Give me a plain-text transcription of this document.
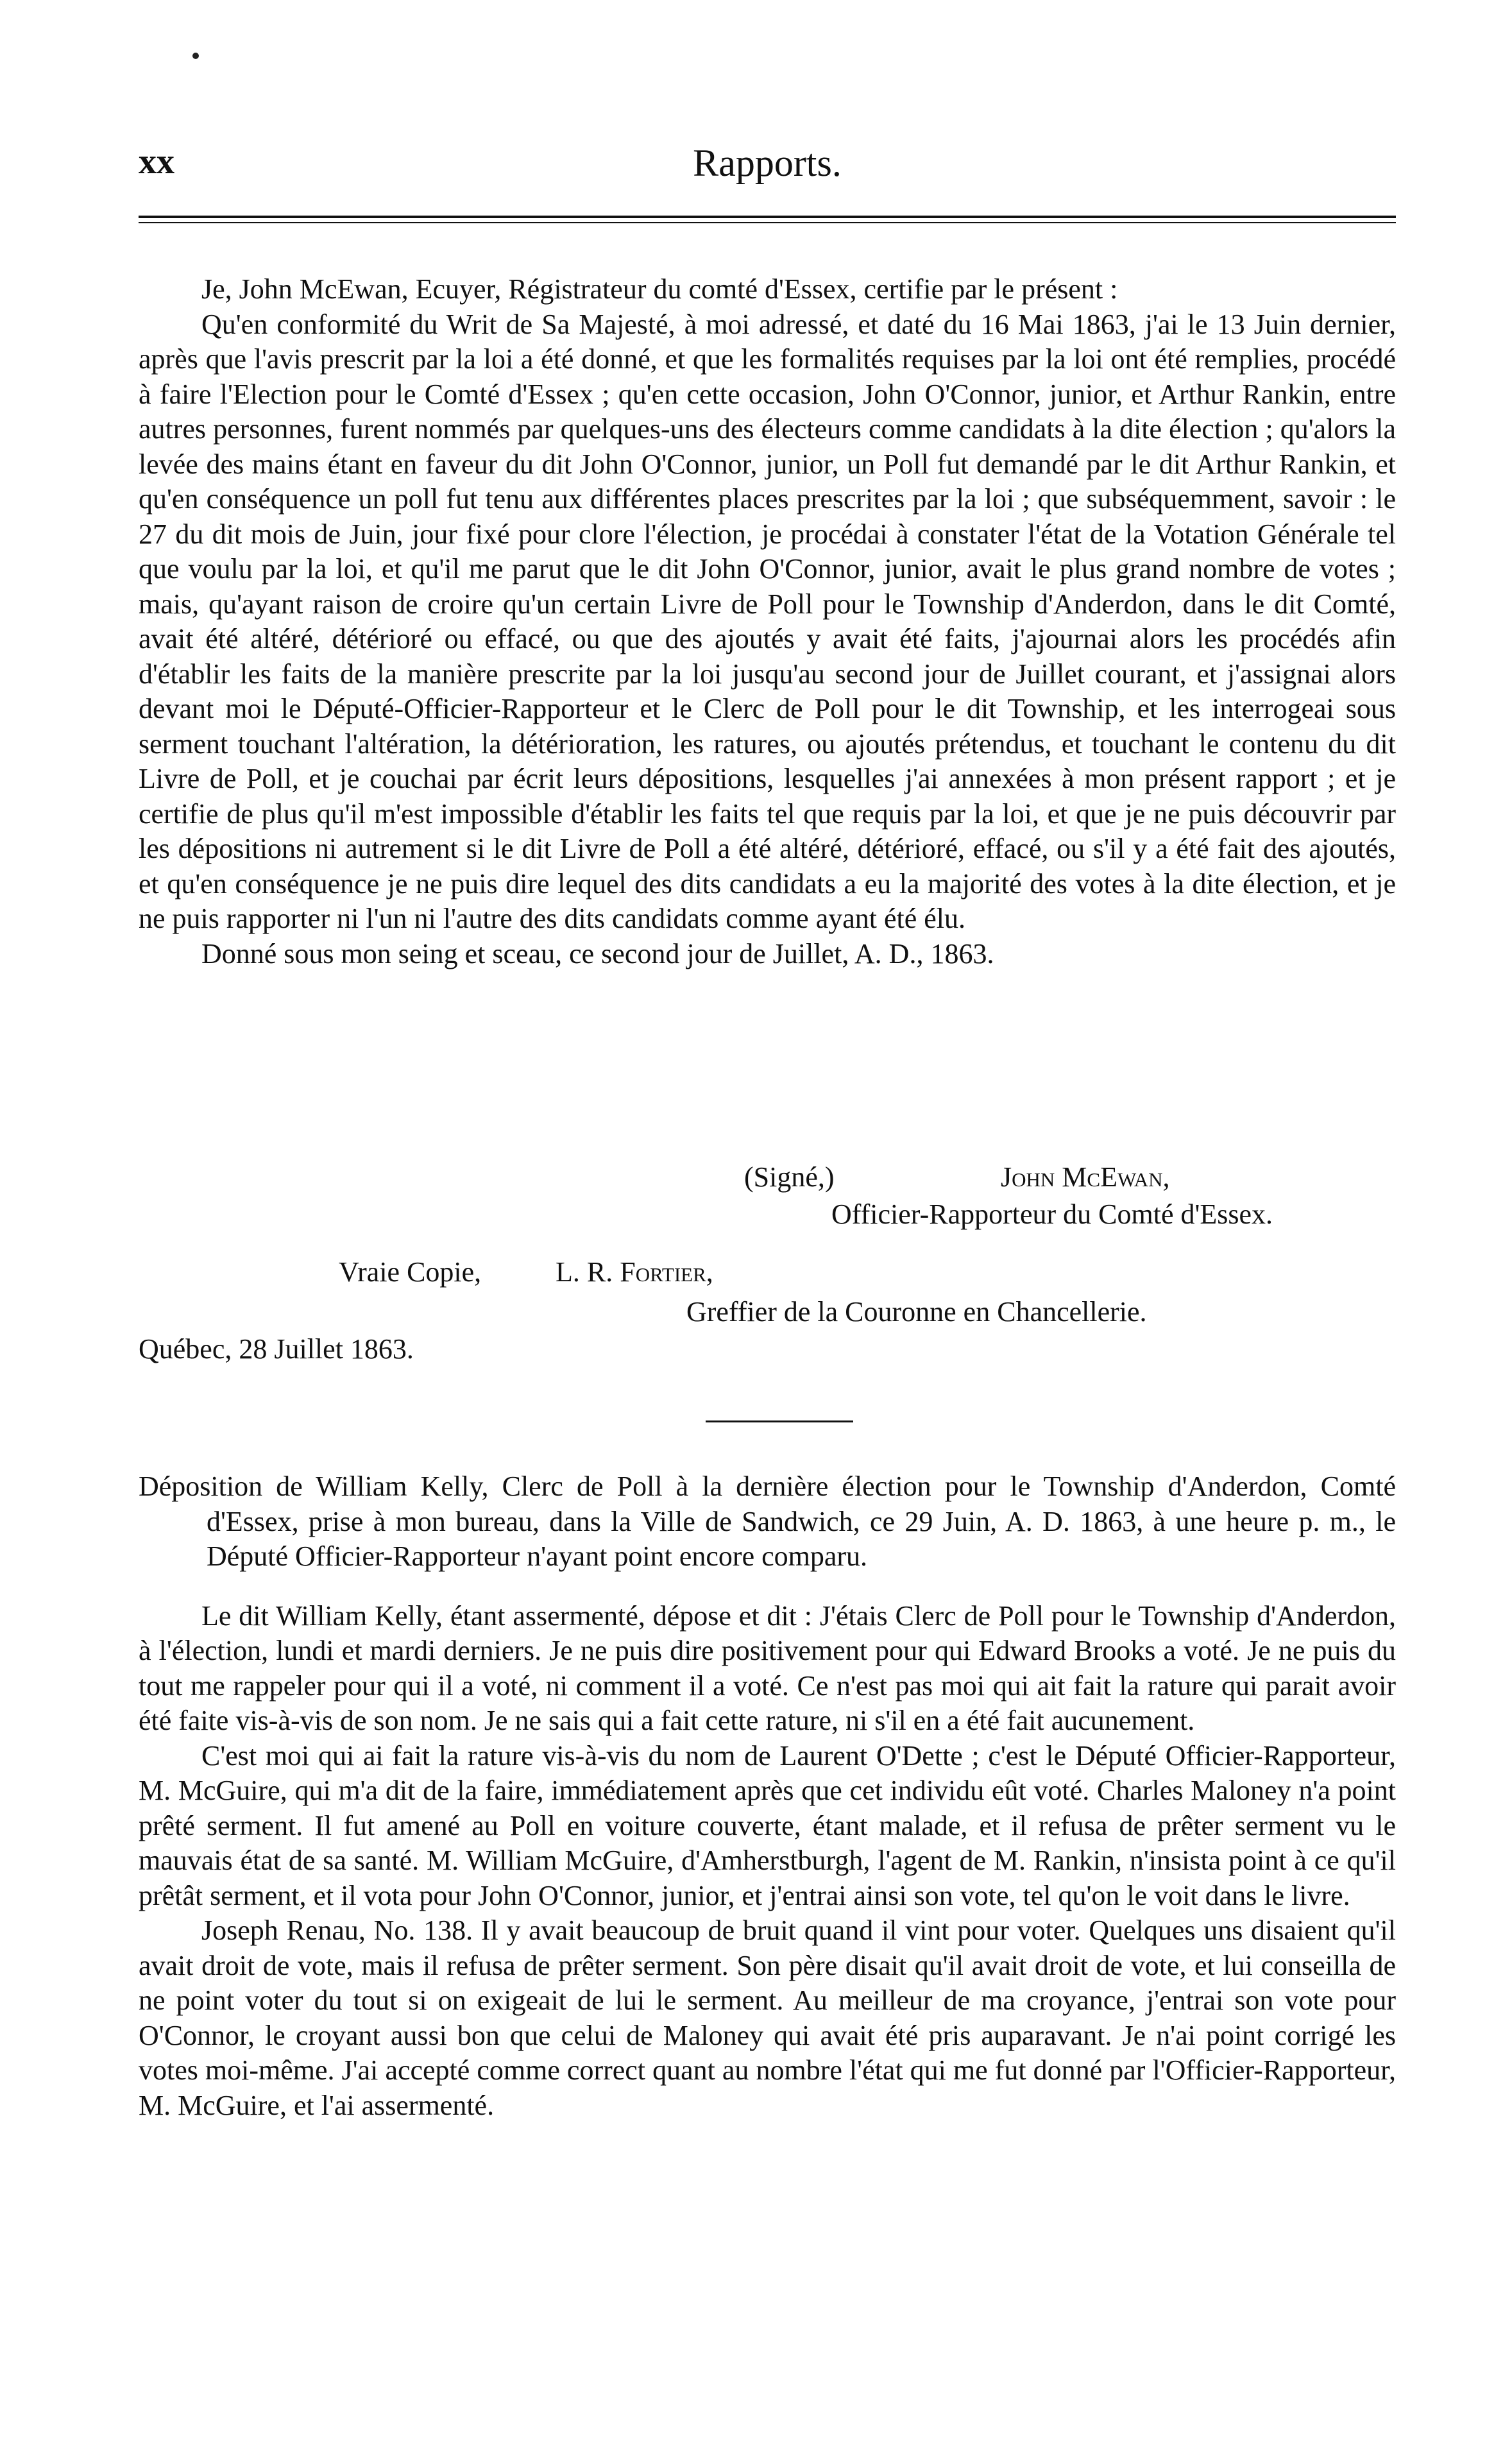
xx	Rapports.

Je, John McEwan, Ecuyer, Régistrateur du comté d'Essex, certifie par le présent :

Qu'en conformité du Writ de Sa Majesté, à moi adressé, et daté du 16 Mai 1863, j'ai le 13 Juin dernier, après que l'avis prescrit par la loi a été donné, et que les formalités requises par la loi ont été remplies, procédé à faire l'Election pour le Comté d'Essex ; qu'en cette occasion, John O'Connor, junior, et Arthur Rankin, entre autres personnes, furent nommés par quelques-uns des électeurs comme candidats à la dite élection ; qu'alors la levée des mains étant en faveur du dit John O'Connor, junior, un Poll fut demandé par le dit Arthur Rankin, et qu'en conséquence un poll fut tenu aux différentes places prescrites par la loi ; que subséquemment, savoir : le 27 du dit mois de Juin, jour fixé pour clore l'élection, je procédai à constater l'état de la Votation Générale tel que voulu par la loi, et qu'il me parut que le dit John O'Connor, junior, avait le plus grand nombre de votes ; mais, qu'ayant raison de croire qu'un certain Livre de Poll pour le Township d'Anderdon, dans le dit Comté, avait été altéré, détérioré ou effacé, ou que des ajoutés y avait été faits, j'ajournai alors les procédés afin d'établir les faits de la manière prescrite par la loi jusqu'au second jour de Juillet courant, et j'assignai alors devant moi le Député-Officier-Rapporteur et le Clerc de Poll pour le dit Township, et les interrogeai sous serment touchant l'altération, la détérioration, les ratures, ou ajoutés prétendus, et touchant le contenu du dit Livre de Poll, et je couchai par écrit leurs dépositions, lesquelles j'ai annexées à mon présent rapport ; et je certifie de plus qu'il m'est impossible d'établir les faits tel que requis par la loi, et que je ne puis découvrir par les dépositions ni autrement si le dit Livre de Poll a été altéré, détérioré, effacé, ou s'il y a été fait des ajoutés, et qu'en conséquence je ne puis dire lequel des dits candidats a eu la majorité des votes à la dite élection, et je ne puis rapporter ni l'un ni l'autre des dits candidats comme ayant été élu.

Donné sous mon seing et sceau, ce second jour de Juillet, A. D., 1863.

(Signé,)	John McEwan,
Officier-Rapporteur du Comté d'Essex.
Vraie Copie,	L. R. Fortier,
Greffier de la Couronne en Chancellerie.
Québec, 28 Juillet 1863.

Déposition de William Kelly, Clerc de Poll à la dernière élection pour le Township d'Anderdon, Comté d'Essex, prise à mon bureau, dans la Ville de Sandwich, ce 29 Juin, A. D. 1863, à une heure p. m., le Député Officier-Rapporteur n'ayant point encore comparu.

Le dit William Kelly, étant assermenté, dépose et dit : J'étais Clerc de Poll pour le Township d'Anderdon, à l'élection, lundi et mardi derniers. Je ne puis dire positivement pour qui Edward Brooks a voté. Je ne puis du tout me rappeler pour qui il a voté, ni comment il a voté. Ce n'est pas moi qui ait fait la rature qui parait avoir été faite vis-à-vis de son nom. Je ne sais qui a fait cette rature, ni s'il en a été fait aucunement.

C'est moi qui ai fait la rature vis-à-vis du nom de Laurent O'Dette ; c'est le Député Officier-Rapporteur, M. McGuire, qui m'a dit de la faire, immédiatement après que cet individu eût voté. Charles Maloney n'a point prêté serment. Il fut amené au Poll en voiture couverte, étant malade, et il refusa de prêter serment vu le mauvais état de sa santé. M. William McGuire, d'Amherstburgh, l'agent de M. Rankin, n'insista point à ce qu'il prêtât serment, et il vota pour John O'Connor, junior, et j'entrai ainsi son vote, tel qu'on le voit dans le livre.

Joseph Renau, No. 138. Il y avait beaucoup de bruit quand il vint pour voter. Quelques uns disaient qu'il avait droit de vote, mais il refusa de prêter serment. Son père disait qu'il avait droit de vote, et lui conseilla de ne point voter du tout si on exigeait de lui le serment. Au meilleur de ma croyance, j'entrai son vote pour O'Connor, le croyant aussi bon que celui de Maloney qui avait été pris auparavant. Je n'ai point corrigé les votes moi-même. J'ai accepté comme correct quant au nombre l'état qui me fut donné par l'Officier-Rapporteur, M. McGuire, et l'ai assermenté.
